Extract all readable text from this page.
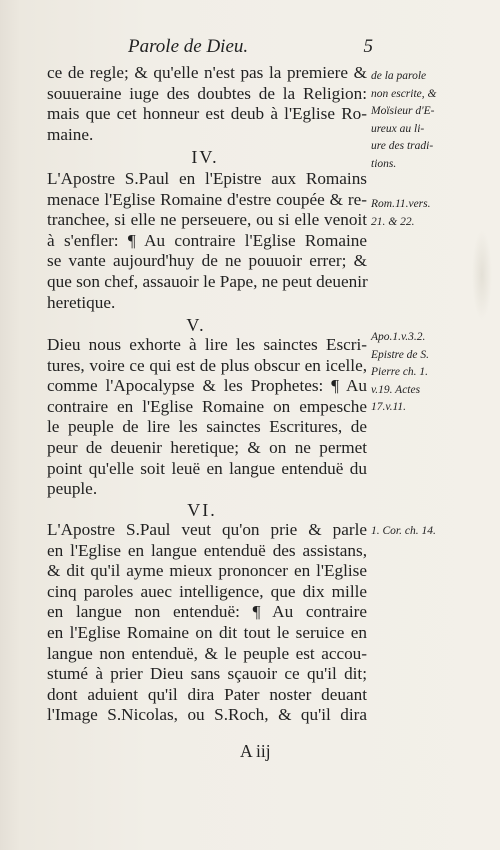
Parole de Dieu.	5
ce de regle; & qu'elle n'est pas la premiere &
souueraine iuge des doubtes de la Religion:
mais que cet honneur est deub à l'Eglise Ro-
maine.
IV.
L'Apostre S.Paul en l'Epistre aux Romains
menace l'Eglise Romaine d'estre coupée & re-
tranchee, si elle ne perseuere, ou si elle venoit
à s'enfler: ¶ Au contraire l'Eglise Romaine
se vante aujourd'huy de ne pouuoir errer; &
que son chef, assauoir le Pape, ne peut deuenir
heretique.
V.
Dieu nous exhorte à lire les sainctes Escri-
tures, voire ce qui est de plus obscur en icelle,
comme l'Apocalypse & les Prophetes: ¶ Au
contraire en l'Eglise Romaine on empesche
le peuple de lire les sainctes Escritures, de
peur de deuenir heretique; & on ne permet
point qu'elle soit leuë en langue entenduë du
peuple.
VI.
L'Apostre S.Paul veut qu'on prie & parle
en l'Eglise en langue entenduë des assistans,
& dit qu'il ayme mieux prononcer en l'Eglise
cinq paroles auec intelligence, que dix mille
en langue non entenduë: ¶ Au contraire
en l'Eglise Romaine on dit tout le seruice en
langue non entenduë, & le peuple est accou-
stumé à prier Dieu sans sçauoir ce qu'il dit;
dont aduient qu'il dira Pater noster deuant
l'Image S.Nicolas, ou S.Roch, & qu'il dira
A iij
de la parole
non escrite, &
Moïsieur d'E-
ureux au li-
ure des tradi-
tions.
Rom.11.vers.
21. & 22.
Apo.1.v.3.2.
Epistre de S.
Pierre ch. 1.
v.19. Actes
17.v.11.
1. Cor. ch. 14.
